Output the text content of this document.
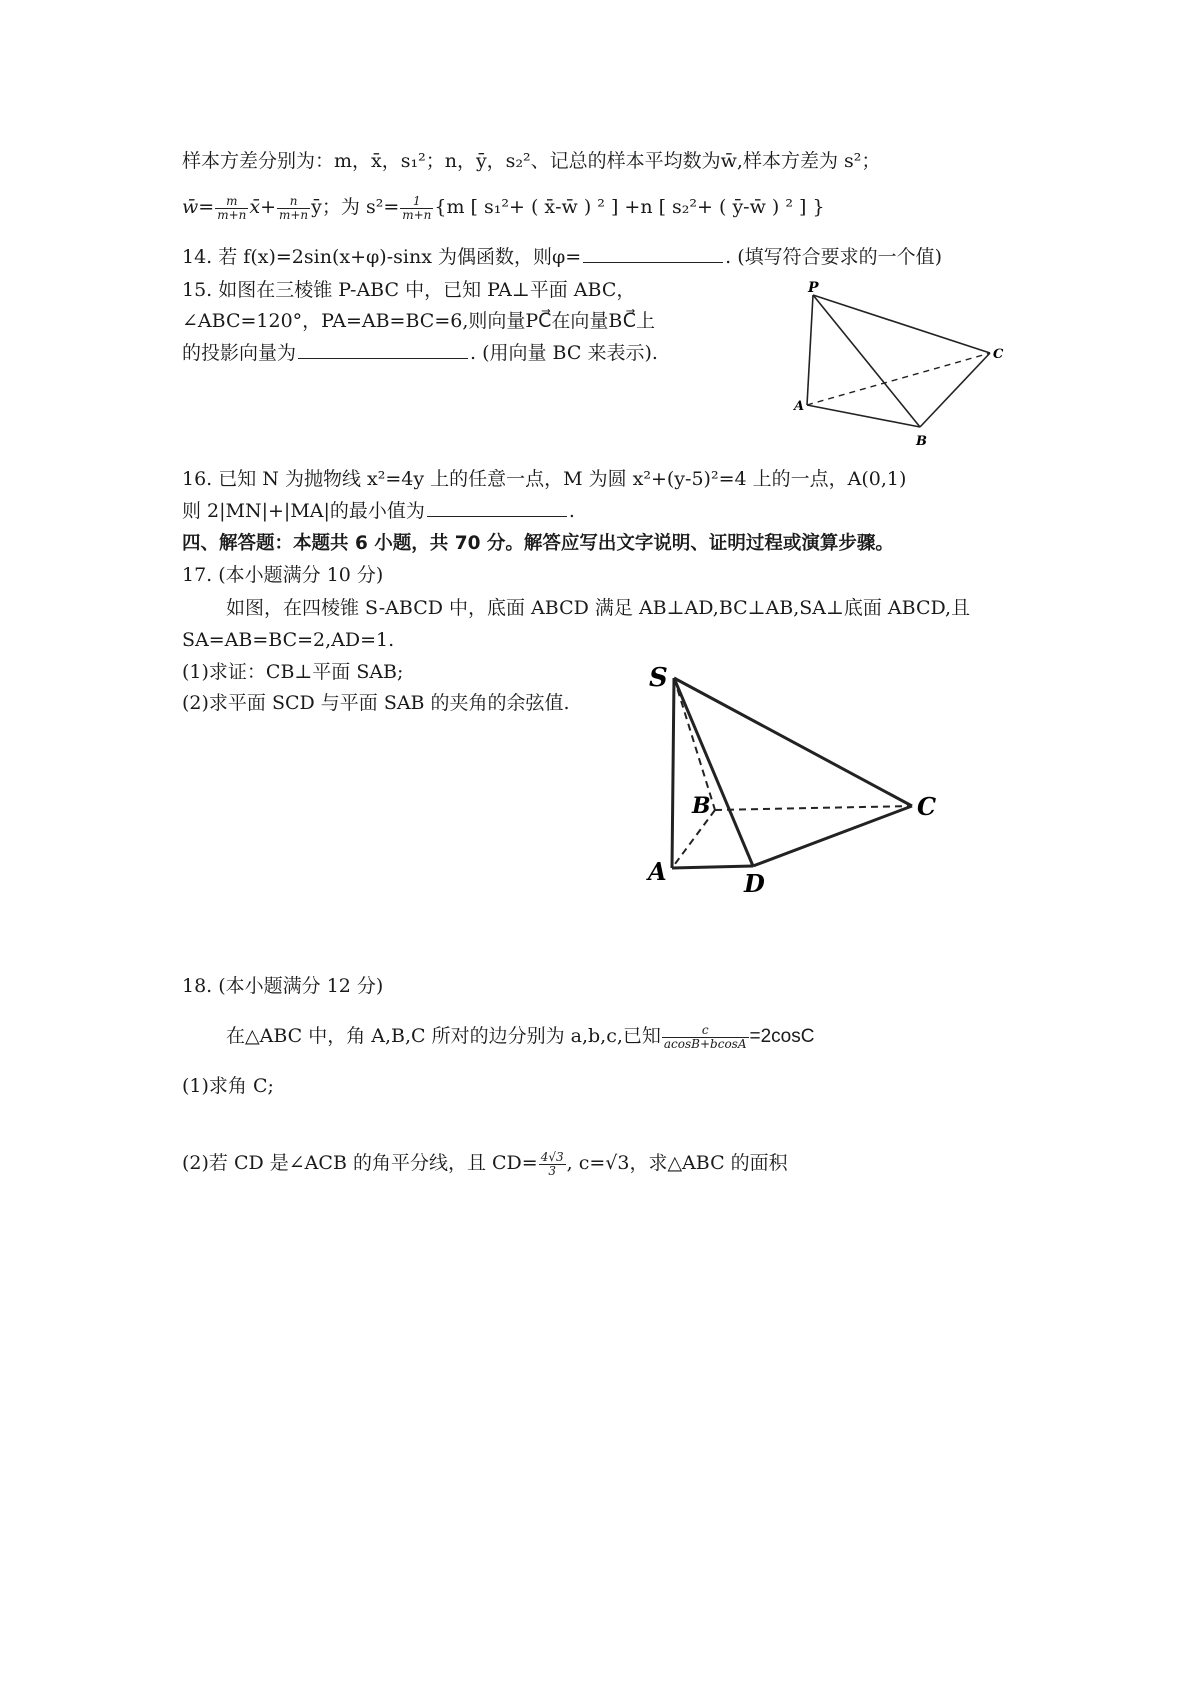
样本方差分别为：m，x̄，s₁²；n，ȳ，s₂²、记总的样本平均数为w̄,样本方差为 s²；
w̄= $\frac{m}{m+n}$ x̄+ $\frac{n}{m+n}$ ȳ；为 $s^2= \frac{1}{m+n} \{m$ [ s₁²+ ( x̄-w̄ ) ² ] +n [ s₂²+ ( ȳ-w̄ ) ² ] }
14. 若 f(x)=2sin(x+φ)-sinx 为偶函数，则φ=	. (填写符合要求的一个值)
15. 如图在三棱锥 P-ABC 中，已知 PA⊥平面 ABC，
∠ABC=120°，PA=AB=BC=6,则向量PC⃗在向量BC⃗上
的投影向量为	. (用向量 BC 来表示).
P
C
A
B
16. 已知 N 为抛物线 x²=4y 上的任意一点，M 为圆 x²+(y-5)²=4 上的一点，A(0,1)
则 2|MN|+|MA|的最小值为	.
四、解答题：本题共 6 小题，共 70 分。解答应写出文字说明、证明过程或演算步骤。
17. (本小题满分 10 分)
如图，在四棱锥 S-ABCD 中，底面 ABCD 满足 AB⊥AD,BC⊥AB,SA⊥底面 ABCD,且
SA=AB=BC=2,AD=1.
(1)求证：CB⊥平面 SAB;
(2)求平面 SCD 与平面 SAB 的夹角的余弦值.
S
B	C
A	D
18. (本小题满分 12 分)
在△ABC 中，角 A,B,C 所对的边分别为 a,b,c,已知 $\frac{c}{acosB+bcosA} =2\cos C$
(1)求角 C;
(2)若 CD 是∠ACB 的角平分线，且 $CD= \frac{4√3}{3}$ , c=√3，求△ABC 的面积
